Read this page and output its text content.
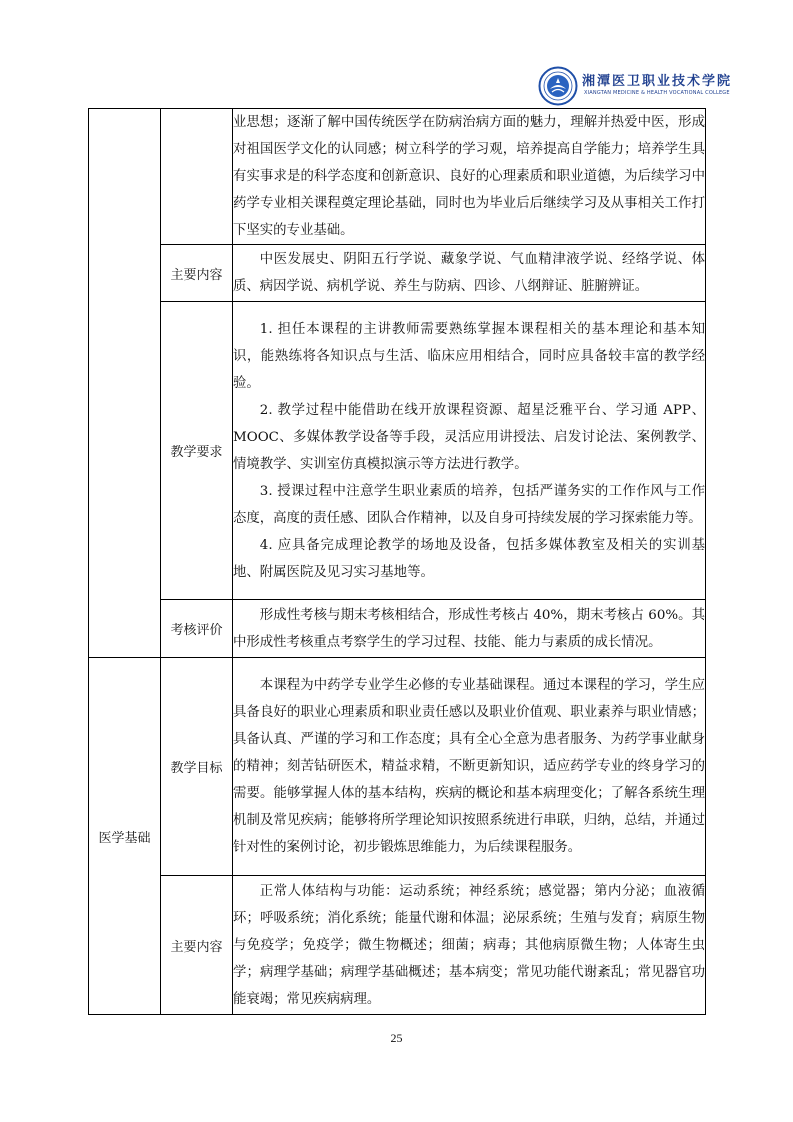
湘潭医卫职业技术学院
XIANGTAN MEDICINE & HEALTH VOCATIONAL COLLEGE

		业思想；逐渐了解中国传统医学在防病治病方面的魅力，理解并热爱中医，形成对祖国医学文化的认同感；树立科学的学习观，培养提高自学能力；培养学生具有实事求是的科学态度和创新意识、良好的心理素质和职业道德，为后续学习中药学专业相关课程奠定理论基础，同时也为毕业后后继续学习及从事相关工作打下坚实的专业基础。

	主要内容	中医发展史、阴阳五行学说、藏象学说、气血精津液学说、经络学说、体质、病因学说、病机学说、养生与防病、四诊、八纲辩证、脏腑辨证。

	教学要求	1. 担任本课程的主讲教师需要熟练掌握本课程相关的基本理论和基本知识，能熟练将各知识点与生活、临床应用相结合，同时应具备较丰富的教学经验。

2. 教学过程中能借助在线开放课程资源、超星泛雅平台、学习通 APP、MOOC、多媒体教学设备等手段，灵活应用讲授法、启发讨论法、案例教学、情境教学、实训室仿真模拟演示等方法进行教学。

3. 授课过程中注意学生职业素质的培养，包括严谨务实的工作作风与工作态度，高度的责任感、团队合作精神，以及自身可持续发展的学习探索能力等。

4. 应具备完成理论教学的场地及设备，包括多媒体教室及相关的实训基地、附属医院及见习实习基地等。

	考核评价	形成性考核与期末考核相结合，形成性考核占 40%，期末考核占 60%。其中形成性考核重点考察学生的学习过程、技能、能力与素质的成长情况。

医学基础	教学目标	本课程为中药学专业学生必修的专业基础课程。通过本课程的学习，学生应具备良好的职业心理素质和职业责任感以及职业价值观、职业素养与职业情感；具备认真、严谨的学习和工作态度；具有全心全意为患者服务、为药学事业献身的精神；刻苦钻研医术，精益求精，不断更新知识，适应药学专业的终身学习的需要。能够掌握人体的基本结构，疾病的概论和基本病理变化；了解各系统生理机制及常见疾病；能够将所学理论知识按照系统进行串联，归纳，总结，并通过针对性的案例讨论，初步锻炼思维能力，为后续课程服务。

	主要内容	正常人体结构与功能：运动系统；神经系统；感觉器；第内分泌；血液循环；呼吸系统；消化系统；能量代谢和体温；泌尿系统；生殖与发育；病原生物与免疫学；免疫学；微生物概述；细菌；病毒；其他病原微生物；人体寄生虫学；病理学基础；病理学基础概述；基本病变；常见功能代谢紊乱；常见器官功能衰竭；常见疾病病理。

25
